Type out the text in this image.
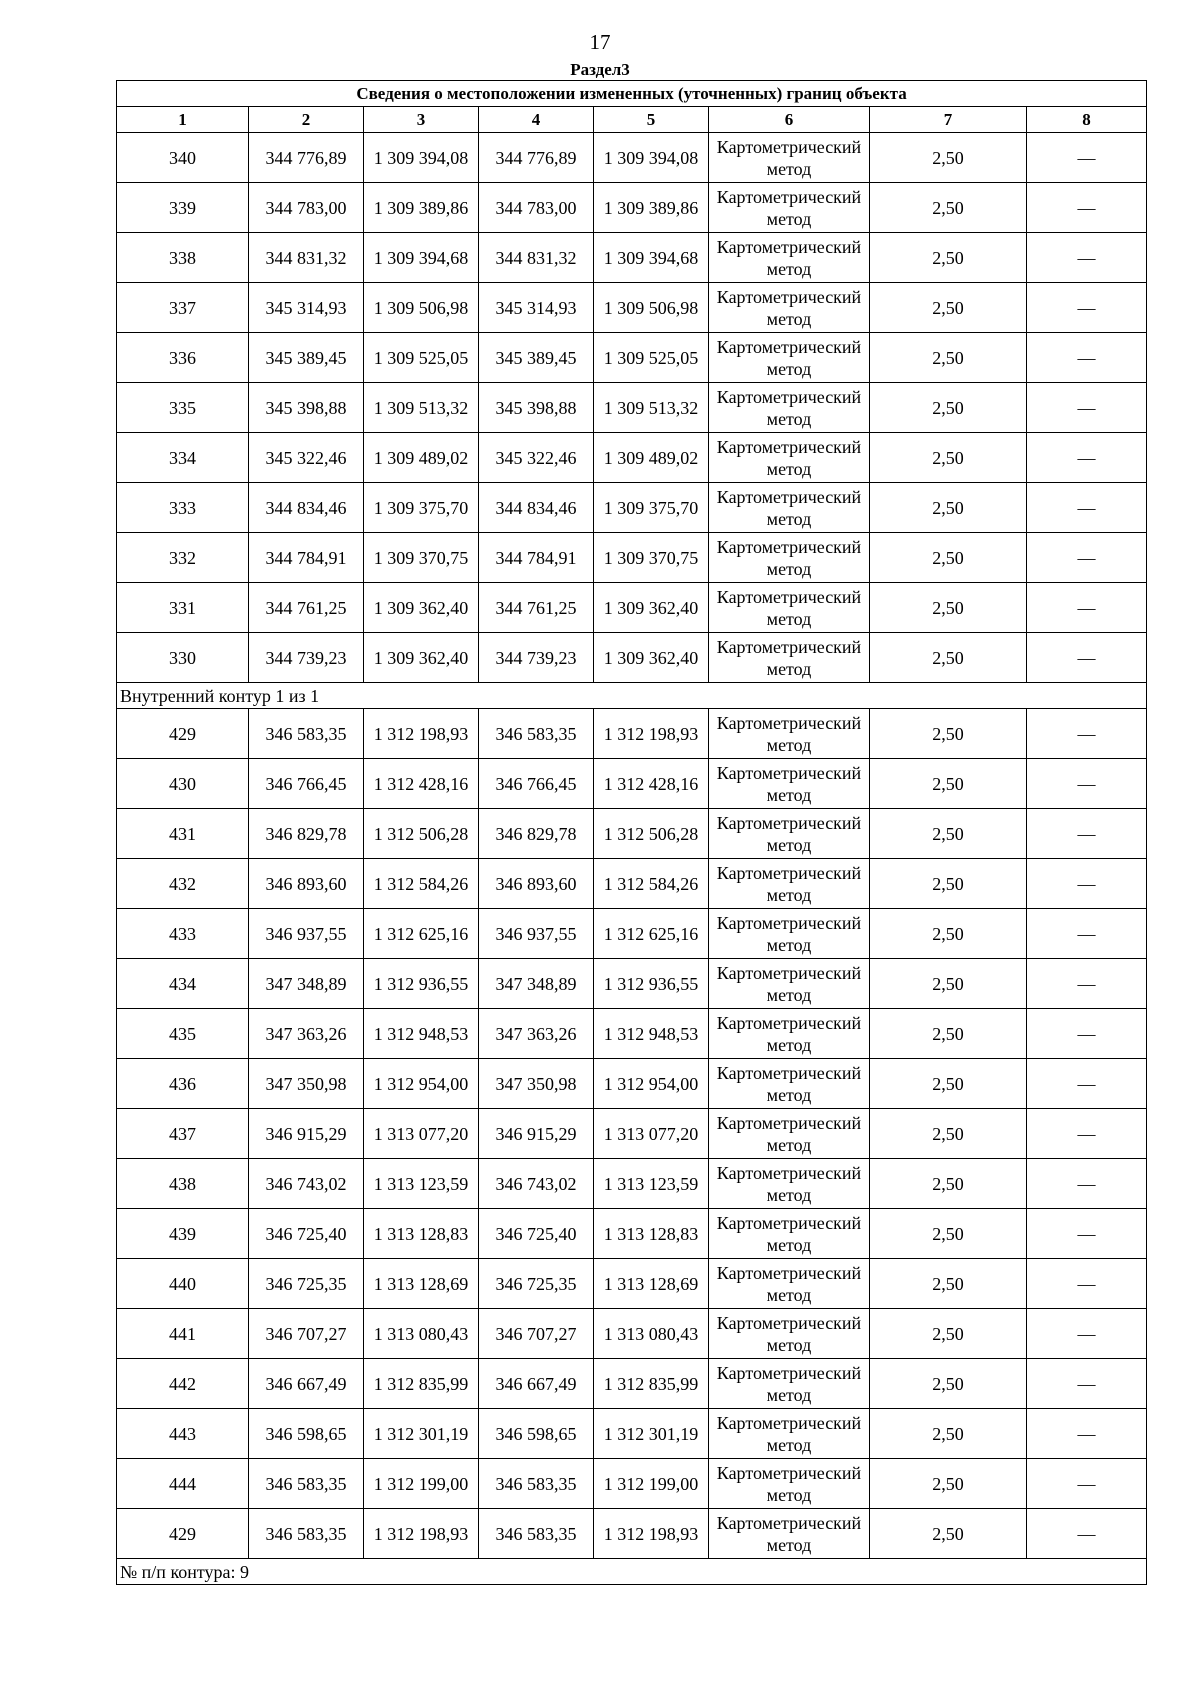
17
Раздел3
Сведения о местоположении измененных (уточненных) границ объекта							
1	2	3	4	5	6	7	8
340	344 776,89	1 309 394,08	344 776,89	1 309 394,08	Картометрический метод	2,50	—
339	344 783,00	1 309 389,86	344 783,00	1 309 389,86	Картометрический метод	2,50	—
338	344 831,32	1 309 394,68	344 831,32	1 309 394,68	Картометрический метод	2,50	—
337	345 314,93	1 309 506,98	345 314,93	1 309 506,98	Картометрический метод	2,50	—
336	345 389,45	1 309 525,05	345 389,45	1 309 525,05	Картометрический метод	2,50	—
335	345 398,88	1 309 513,32	345 398,88	1 309 513,32	Картометрический метод	2,50	—
334	345 322,46	1 309 489,02	345 322,46	1 309 489,02	Картометрический метод	2,50	—
333	344 834,46	1 309 375,70	344 834,46	1 309 375,70	Картометрический метод	2,50	—
332	344 784,91	1 309 370,75	344 784,91	1 309 370,75	Картометрический метод	2,50	—
331	344 761,25	1 309 362,40	344 761,25	1 309 362,40	Картометрический метод	2,50	—
330	344 739,23	1 309 362,40	344 739,23	1 309 362,40	Картометрический метод	2,50	—
Внутренний контур 1 из 1							
429	346 583,35	1 312 198,93	346 583,35	1 312 198,93	Картометрический метод	2,50	—
430	346 766,45	1 312 428,16	346 766,45	1 312 428,16	Картометрический метод	2,50	—
431	346 829,78	1 312 506,28	346 829,78	1 312 506,28	Картометрический метод	2,50	—
432	346 893,60	1 312 584,26	346 893,60	1 312 584,26	Картометрический метод	2,50	—
433	346 937,55	1 312 625,16	346 937,55	1 312 625,16	Картометрический метод	2,50	—
434	347 348,89	1 312 936,55	347 348,89	1 312 936,55	Картометрический метод	2,50	—
435	347 363,26	1 312 948,53	347 363,26	1 312 948,53	Картометрический метод	2,50	—
436	347 350,98	1 312 954,00	347 350,98	1 312 954,00	Картометрический метод	2,50	—
437	346 915,29	1 313 077,20	346 915,29	1 313 077,20	Картометрический метод	2,50	—
438	346 743,02	1 313 123,59	346 743,02	1 313 123,59	Картометрический метод	2,50	—
439	346 725,40	1 313 128,83	346 725,40	1 313 128,83	Картометрический метод	2,50	—
440	346 725,35	1 313 128,69	346 725,35	1 313 128,69	Картометрический метод	2,50	—
441	346 707,27	1 313 080,43	346 707,27	1 313 080,43	Картометрический метод	2,50	—
442	346 667,49	1 312 835,99	346 667,49	1 312 835,99	Картометрический метод	2,50	—
443	346 598,65	1 312 301,19	346 598,65	1 312 301,19	Картометрический метод	2,50	—
444	346 583,35	1 312 199,00	346 583,35	1 312 199,00	Картометрический метод	2,50	—
429	346 583,35	1 312 198,93	346 583,35	1 312 198,93	Картометрический метод	2,50	—
№ п/п контура: 9							
